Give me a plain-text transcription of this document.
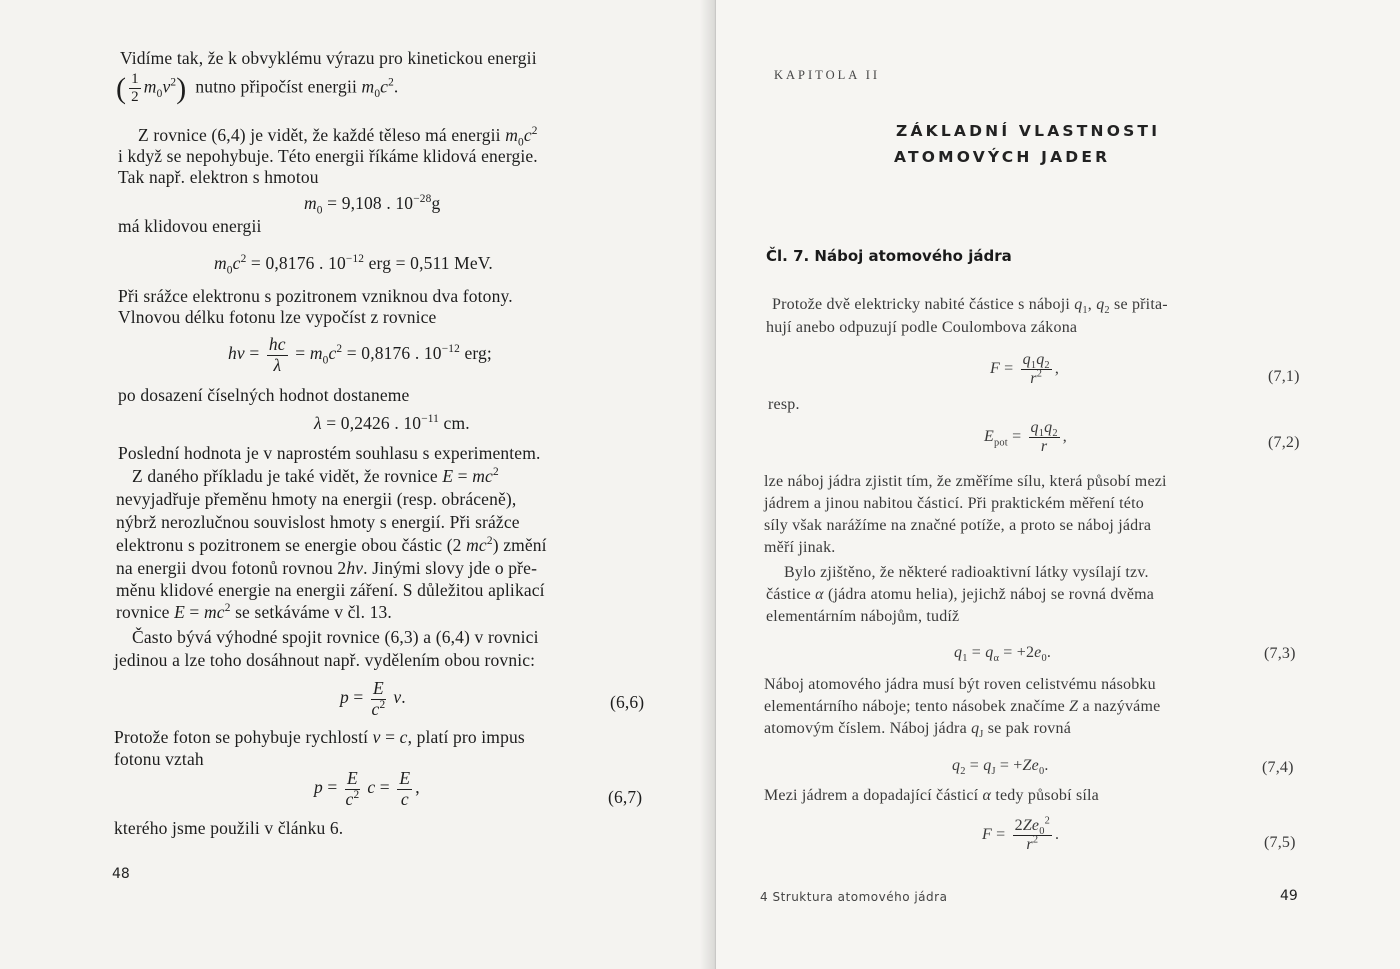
Vidíme tak, že k obvyklému výrazu pro kinetickou energii
( $\frac{1}{2} m_0v^2$) nutno připočíst energii $m_0c^2$.
Z rovnice (6,4) je vidět, že každé těleso má energii $m_0c^2$
i když se nepohybuje. Této energii říkáme klidová energie.
Tak např. elektron s hmotou
$m_0 = 9,108$ . $10^{-28}g$
má klidovou energii
$m_0c^2 = 0,8176$ . $10^{-12}$ erg = 0,511 MeV.
Při srážce elektronu s pozitronem vzniknou dva fotony.
Vlnovou délku fotonu lze vypočíst z rovnice
$h\nu = \frac{hc}{\lambda} = m_0c^2 = 0,8176$ . $10^{-12}$ erg;
po dosazení číselných hodnot dostaneme
λ = 0,2426 . $10^{-11}$ cm.
Poslední hodnota je v naprostém souhlasu s experimentem.
Z daného příkladu je také vidět, že rovnice $E = mc^2$
nevyjadřuje přeměnu hmoty na energii (resp. obráceně),
nýbrž nerozlučnou souvislost hmoty s energií. Při srážce
elektronu s pozitronem se energie obou částic (2 $mc^2$) změní
na energii dvou fotonů rovnou 2hν. Jinými slovy jde o pře-
měnu klidové energie na energii záření. S důležitou aplikací
rovnice $E = mc^2$ se setkáváme v čl. 13.
Často bývá výhodné spojit rovnice (6,3) a (6,4) v rovnici
jedinou a lze toho dosáhnout např. vydělením obou rovnic:
$p = \frac{E}{c^2} v$.	(6,6)
Protože foton se pohybuje rychlostí v = c, platí pro impus
fotonu vztah
$p = \frac{E}{c^2}$ $c = \frac{E}{c}$ ,	(6,7)
kterého jsme použili v článku 6.
48
KAPITOLA II
ZÁKLADNÍ VLASTNOSTI
ATOMOVÝCH JADER
Čl. 7. Náboj atomového jádra
Protože dvě elektricky nabité částice s náboji $q_1$, $q_2$ se přita-
hují anebo odpuzují podle Coulombova zákona
$F = \frac{q_1q_2}{r^2}$ ,	(7,1)
resp.
$E_{pot} = \frac{q_1q_2}{r}$ ,	(7,2)
lze náboj jádra zjistit tím, že změříme sílu, která působí mezi
jádrem a jinou nabitou částicí. Při praktickém měření této
síly však narážíme na značné potíže, a proto se náboj jádra
měří jinak.
Bylo zjištěno, že některé radioaktivní látky vysílají tzv.
částice α (jádra atomu helia), jejichž náboj se rovná dvěma
elementárním nábojům, tudíž
$q_1 = q_\alpha = +2e_0$.	(7,3)
Náboj atomového jádra musí být roven celistvému násobku
elementárního náboje; tento násobek značíme Z a nazýváme
atomovým číslem. Náboj jádra $q_J$ se pak rovná
$q_2 = q_J = +Ze_0$.	(7,4)
Mezi jádrem a dopadající částicí α tedy působí síla
$F = \frac{2Ze_0^2}{r^2}$ .	(7,5)
4 Struktura atomového jádra	49
